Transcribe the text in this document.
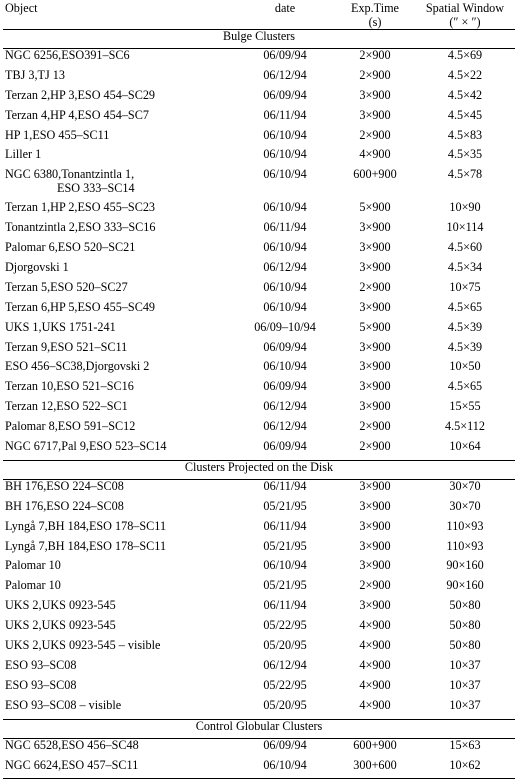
Object	date	Exp.Time	Spatial Window
		(s)	(″ × ″)
Bulge Clusters			

NGC 6256,ESO391–SC6	06/09/94	2×900	4.5×69

TBJ 3,TJ 13	06/12/94	2×900	4.5×22

Terzan 2,HP 3,ESO 454–SC29	06/09/94	3×900	4.5×42

Terzan 4,HP 4,ESO 454–SC7	06/11/94	3×900	4.5×45

HP 1,ESO 455–SC11	06/10/94	2×900	4.5×83

Liller 1	06/10/94	4×900	4.5×35

NGC 6380,Tonantzintla 1,
ESO 333–SC14	06/10/94	600+900	4.5×78

Terzan 1,HP 2,ESO 455–SC23	06/10/94	5×900	10×90

Tonantzintla 2,ESO 333–SC16	06/11/94	3×900	10×114

Palomar 6,ESO 520–SC21	06/10/94	3×900	4.5×60

Djorgovski 1	06/12/94	3×900	4.5×34

Terzan 5,ESO 520–SC27	06/10/94	2×900	10×75

Terzan 6,HP 5,ESO 455–SC49	06/10/94	3×900	4.5×65

UKS 1,UKS 1751-241	06/09–10/94	5×900	4.5×39

Terzan 9,ESO 521–SC11	06/09/94	3×900	4.5×39

ESO 456–SC38,Djorgovski 2	06/10/94	3×900	10×50

Terzan 10,ESO 521–SC16	06/09/94	3×900	4.5×65

Terzan 12,ESO 522–SC1	06/12/94	3×900	15×55

Palomar 8,ESO 591–SC12	06/12/94	2×900	4.5×112

NGC 6717,Pal 9,ESO 523–SC14	06/09/94	2×900	10×64
Clusters Projected on the Disk			

BH 176,ESO 224–SC08	06/11/94	3×900	30×70

BH 176,ESO 224–SC08	05/21/95	3×900	30×70

Lyngå 7,BH 184,ESO 178–SC11	06/11/94	3×900	110×93

Lyngå 7,BH 184,ESO 178–SC11	05/21/95	3×900	110×93

Palomar 10	06/10/94	3×900	90×160

Palomar 10	05/21/95	2×900	90×160

UKS 2,UKS 0923-545	06/11/94	3×900	50×80

UKS 2,UKS 0923-545	05/22/95	4×900	50×80

UKS 2,UKS 0923-545 – visible	05/20/95	4×900	50×80

ESO 93–SC08	06/12/94	4×900	10×37

ESO 93–SC08	05/22/95	4×900	10×37

ESO 93–SC08 – visible	05/20/95	4×900	10×37
Control Globular Clusters			

NGC 6528,ESO 456–SC48	06/09/94	600+900	15×63

NGC 6624,ESO 457–SC11	06/10/94	300+600	10×62
